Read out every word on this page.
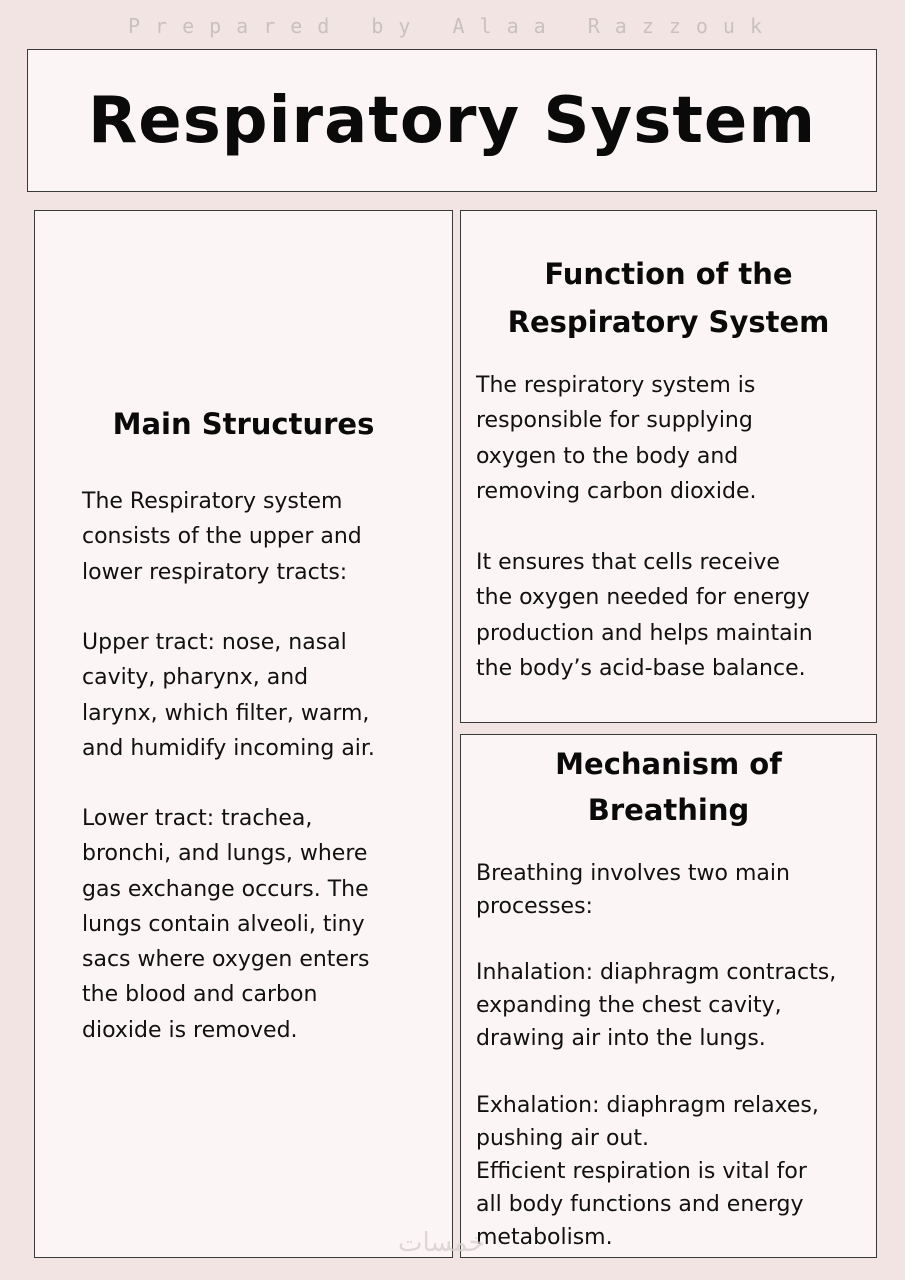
Prepared by Alaa Razzouk
Respiratory System
Main Structures

The Respiratory system
consists of the upper and
lower respiratory tracts:

Upper tract: nose, nasal
cavity, pharynx, and
larynx, which filter, warm,
and humidify incoming air.

Lower tract: trachea,
bronchi, and lungs, where
gas exchange occurs. The
lungs contain alveoli, tiny
sacs where oxygen enters
the blood and carbon
dioxide is removed.

Function of the
Respiratory System

The respiratory system is
responsible for supplying
oxygen to the body and
removing carbon dioxide.

It ensures that cells receive
the oxygen needed for energy
production and helps maintain
the body’s acid-base balance.

Mechanism of
Breathing

Breathing involves two main
processes:

Inhalation: diaphragm contracts,
expanding the chest cavity,
drawing air into the lungs.

Exhalation: diaphragm relaxes,
pushing air out.
Efficient respiration is vital for
all body functions and energy
metabolism.

خمسات
